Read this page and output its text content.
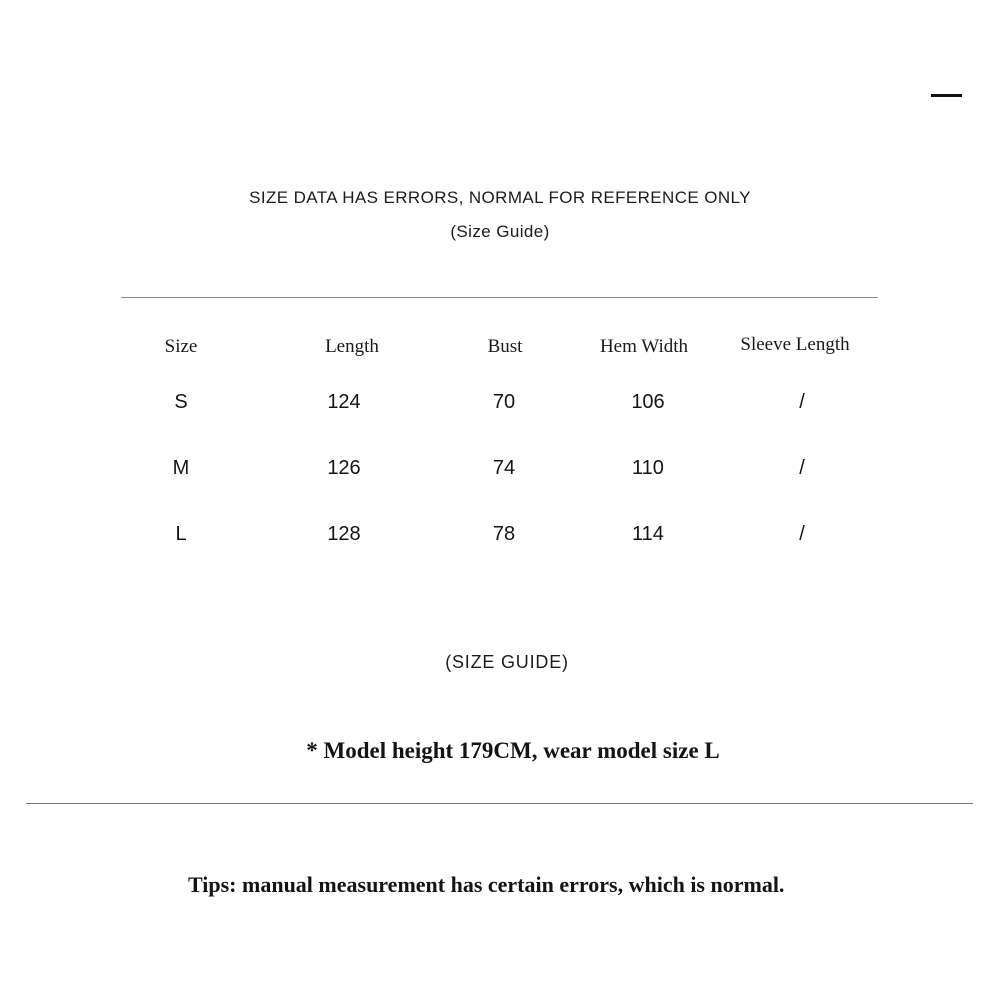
SIZE DATA HAS ERRORS, NORMAL FOR REFERENCE ONLY
(Size Guide)
Size	Length	Bust	Hem Width	Sleeve Length
S	124	70	106	/
M	126	74	110	/
L	128	78	114	/
(SIZE GUIDE)
* Model height 179CM, wear model size L
Tips: manual measurement has certain errors, which is normal.
